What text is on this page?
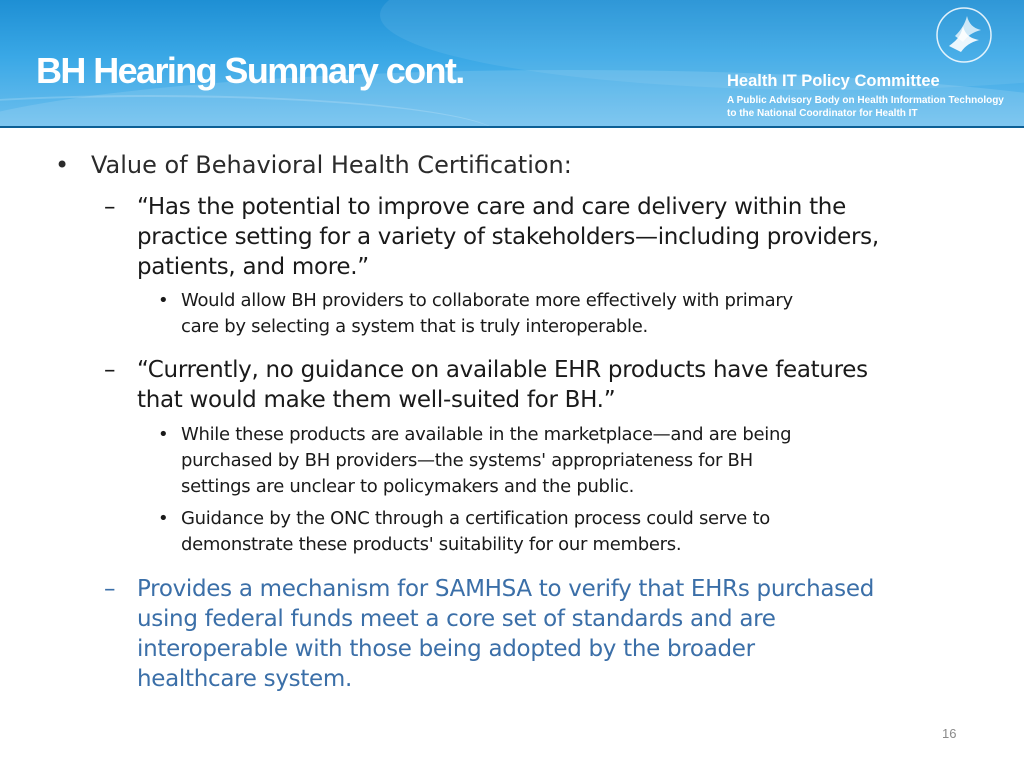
BH Hearing Summary cont.	Health IT Policy Committee
A Public Advisory Body on Health Information Technology
to the National Coordinator for Health IT
• Value of Behavioral Health Certification:
– “Has the potential to improve care and care delivery within the
practice setting for a variety of stakeholders—including providers,
patients, and more.”
• Would allow BH providers to collaborate more effectively with primary
care by selecting a system that is truly interoperable.
– “Currently, no guidance on available EHR products have features
that would make them well-suited for BH.”
• While these products are available in the marketplace—and are being
purchased by BH providers—the systems' appropriateness for BH
settings are unclear to policymakers and the public.
• Guidance by the ONC through a certification process could serve to
demonstrate these products' suitability for our members.
– Provides a mechanism for SAMHSA to verify that EHRs purchased
using federal funds meet a core set of standards and are
interoperable with those being adopted by the broader
healthcare system.
16
